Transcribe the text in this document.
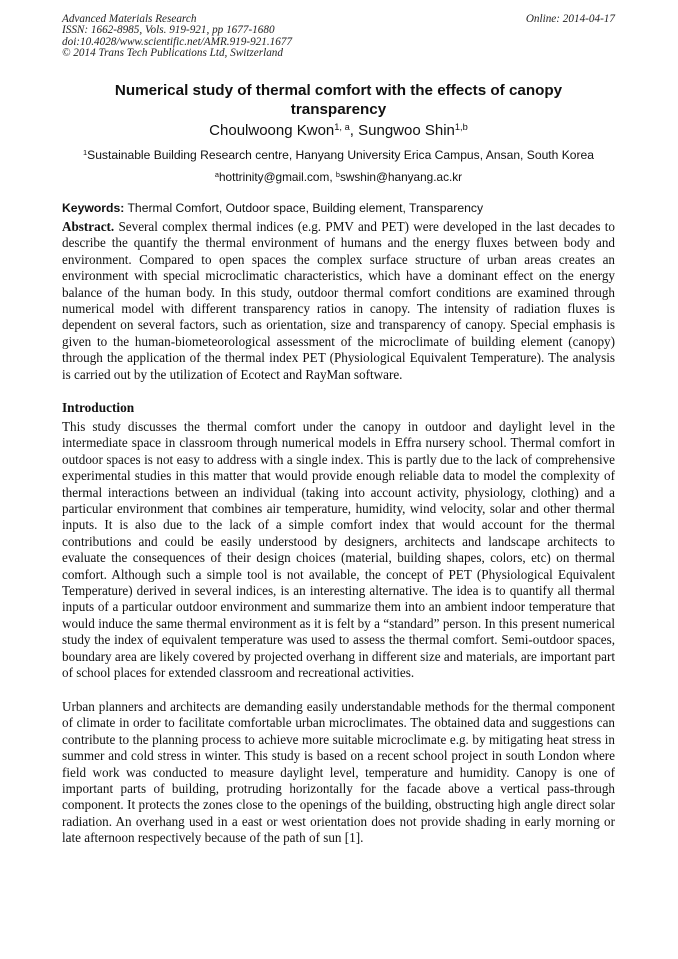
Advanced Materials Research
ISSN: 1662-8985, Vols. 919-921, pp 1677-1680
doi:10.4028/www.scientific.net/AMR.919-921.1677
© 2014 Trans Tech Publications Ltd, Switzerland
Online: 2014-04-17
Numerical study of thermal comfort with the effects of canopy
transparency
Choulwoong Kwon$^{1, a}$, Sungwoo Shin$^{1,b}$
$^1$Sustainable Building Research centre, Hanyang University Erica Campus, Ansan, South Korea
$^a$hottrinity@gmail.com, $^b$swshin@hanyang.ac.kr
Keywords: Thermal Comfort, Outdoor space, Building element, Transparency
Abstract. Several complex thermal indices (e.g. PMV and PET) were developed in the last decades to describe the quantify the thermal environment of humans and the energy fluxes between body and environment. Compared to open spaces the complex surface structure of urban areas creates an environment with special microclimatic characteristics, which have a dominant effect on the energy balance of the human body. In this study, outdoor thermal comfort conditions are examined through numerical model with different transparency ratios in canopy. The intensity of radiation fluxes is dependent on several factors, such as orientation, size and transparency of canopy. Special emphasis is given to the human-biometeorological assessment of the microclimate of building element (canopy) through the application of the thermal index PET (Physiological Equivalent Temperature). The analysis is carried out by the utilization of Ecotect and RayMan software.
Introduction
This study discusses the thermal comfort under the canopy in outdoor and daylight level in the intermediate space in classroom through numerical models in Effra nursery school. Thermal comfort in outdoor spaces is not easy to address with a single index. This is partly due to the lack of comprehensive experimental studies in this matter that would provide enough reliable data to model the complexity of thermal interactions between an individual (taking into account activity, physiology, clothing) and a particular environment that combines air temperature, humidity, wind velocity, solar and other thermal inputs. It is also due to the lack of a simple comfort index that would account for the thermal contributions and could be easily understood by designers, architects and landscape architects to evaluate the consequences of their design choices (material, building shapes, colors, etc) on thermal comfort. Although such a simple tool is not available, the concept of PET (Physiological Equivalent Temperature) derived in several indices, is an interesting alternative. The idea is to quantify all thermal inputs of a particular outdoor environment and summarize them into an ambient indoor temperature that would induce the same thermal environment as it is felt by a “standard” person. In this present numerical study the index of equivalent temperature was used to assess the thermal comfort. Semi-outdoor spaces, boundary area are likely covered by projected overhang in different size and materials, are important part of school places for extended classroom and recreational activities.
Urban planners and architects are demanding easily understandable methods for the thermal component of climate in order to facilitate comfortable urban microclimates. The obtained data and suggestions can contribute to the planning process to achieve more suitable microclimate e.g. by mitigating heat stress in summer and cold stress in winter. This study is based on a recent school project in south London where field work was conducted to measure daylight level, temperature and humidity. Canopy is one of important parts of building, protruding horizontally for the facade above a vertical pass-through component. It protects the zones close to the openings of the building, obstructing high angle direct solar radiation. An overhang used in a east or west orientation does not provide shading in early morning or late afternoon respectively because of the path of sun [1].
